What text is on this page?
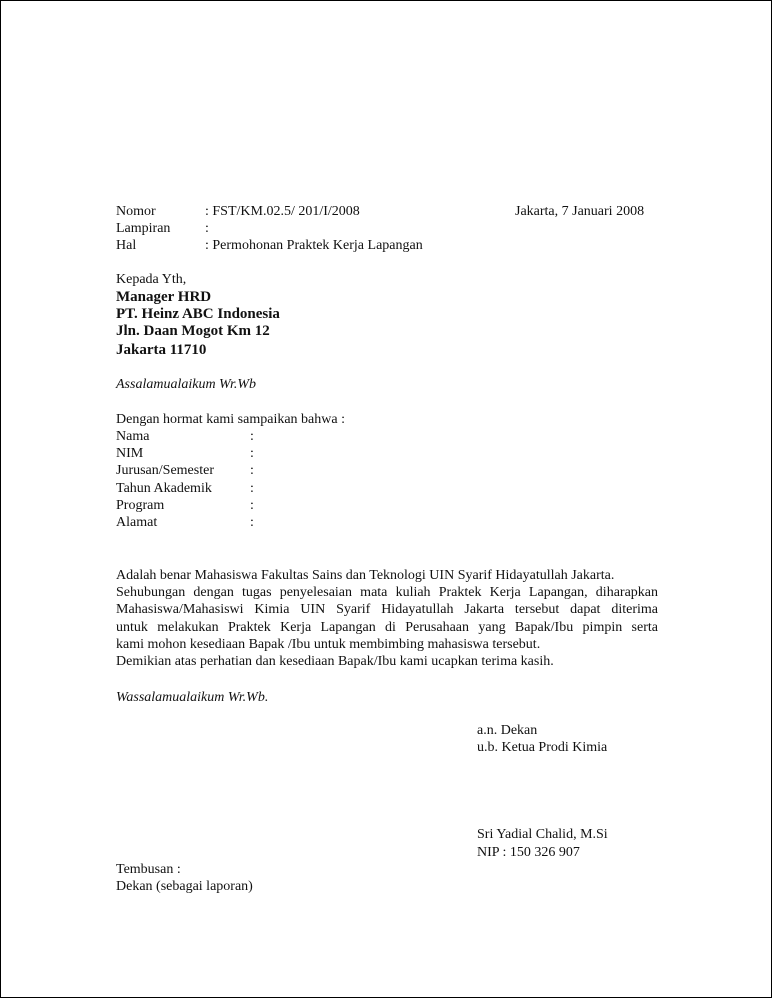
Nomor	: FST/KM.02.5/ 201/I/2008	Jakarta, 7 Januari 2008
Lampiran :
Hal	: Permohonan Praktek Kerja Lapangan
Kepada Yth,
Manager HRD
PT. Heinz ABC Indonesia
Jln. Daan Mogot Km 12
Jakarta 11710
Assalamualaikum Wr.Wb
Dengan hormat kami sampaikan bahwa :
Nama	:
NIM	:
Jurusan/Semester	:
Tahun Akademik	:
Program	:
Alamat	:
Adalah benar Mahasiswa Fakultas Sains dan Teknologi UIN Syarif Hidayatullah Jakarta.
Sehubungan dengan tugas penyelesaian mata kuliah Praktek Kerja Lapangan, diharapkan
Mahasiswa/Mahasiswi Kimia UIN Syarif Hidayatullah Jakarta tersebut dapat diterima
untuk melakukan Praktek Kerja Lapangan di Perusahaan yang Bapak/Ibu pimpin serta
kami mohon kesediaan Bapak /Ibu untuk membimbing mahasiswa tersebut.
Demikian atas perhatian dan kesediaan Bapak/Ibu kami ucapkan terima kasih.
Wassalamualaikum Wr.Wb.
a.n. Dekan
u.b. Ketua Prodi Kimia
Sri Yadial Chalid, M.Si
NIP : 150 326 907
Tembusan :
Dekan (sebagai laporan)
